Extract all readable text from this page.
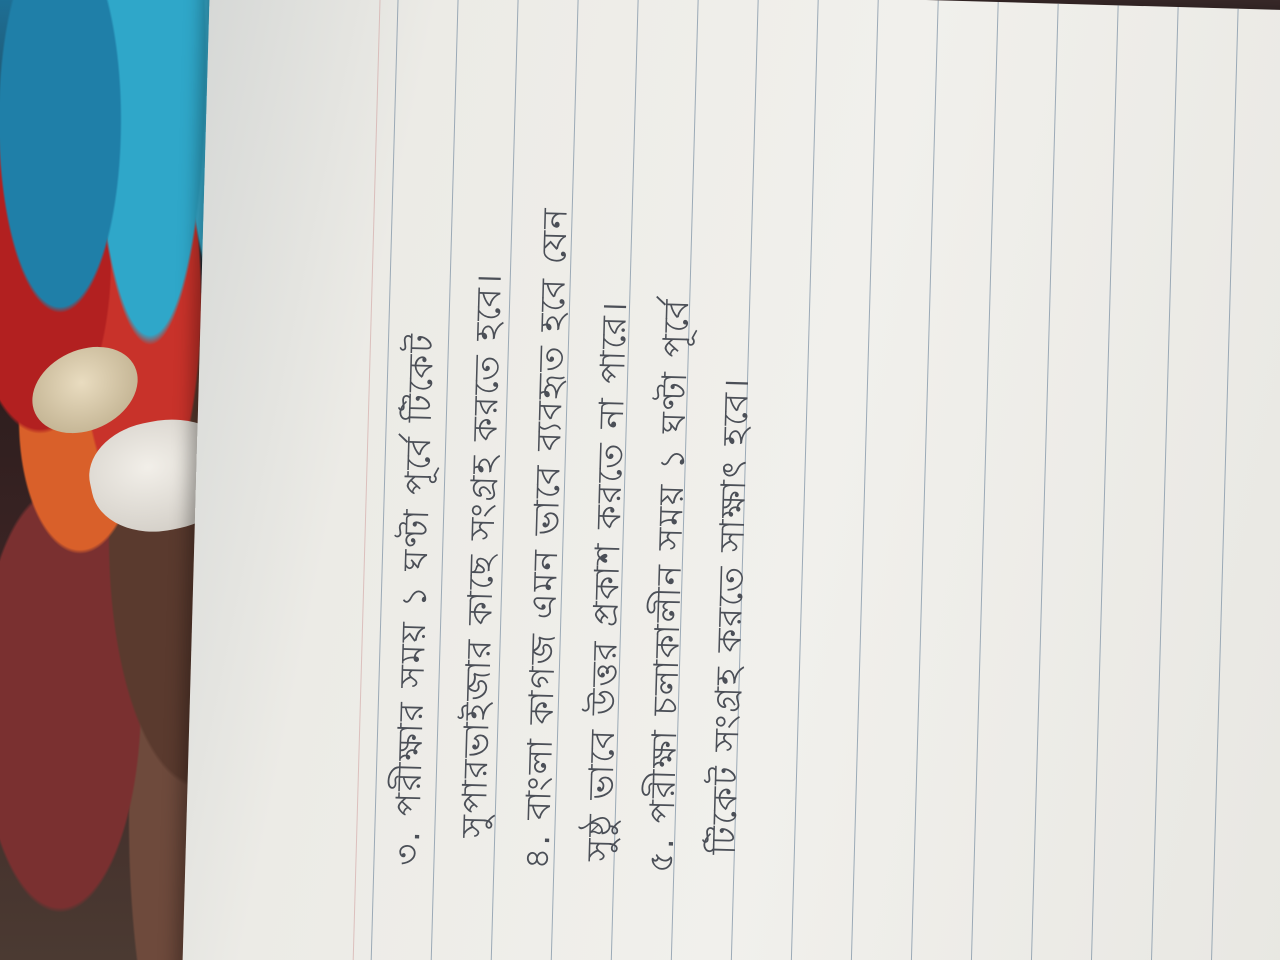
৩. পরীক্ষার সময় ১ ঘণ্টা পূর্বে টিকেট সুপারভাইজার কাছে সংগ্রহ করতে হবে। ৪. বাংলা কাগজ এমন ভাবে ব্যবহৃত হবে যেন সুষ্ঠু ভাবে উত্তর প্রকাশ করতে না পারে। ৫. পরীক্ষা চলাকালীন সময় ১ ঘণ্টা পূর্বে টিকেট সংগ্রহ করতে সাক্ষাৎ হবে।
